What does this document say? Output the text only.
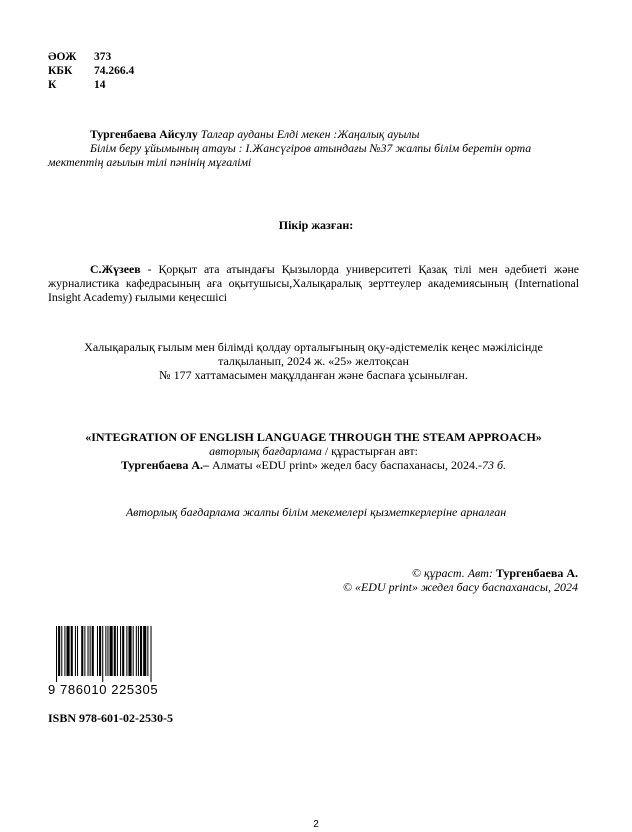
ӘОЖ 373
КБК 74.266.4
К	14
Тургенбаева Айсулу Талгар ауданы Елді мекен :Жаңалық ауылы
Білім беру ұйымының атауы : І.Жансүгіров атындағы №37 жалпы білім беретін орта
мектептің ағылын тілі пәнінің мұғалімі
Пікір жазған:
С.Жүзеев - Қорқыт ата атындағы Қызылорда университеті Қазақ тілі мен әдебиеті және журналистика кафедрасының аға оқытушысы,Халықаралық зерттеулер академиясының (International Insight Academy) ғылыми кеңесшісі
Халықаралық ғылым мен білімді қолдау орталығының оқу-әдістемелік кеңес мәжілісінде
талқыланып, 2024 ж. «25» желтоқсан
№ 177 хаттамасымен мақұлданған және баспаға ұсынылған.
«INTEGRATION OF ENGLISH LANGUAGE THROUGH THE STEAM APPROACH»
авторлық бағдарлама / құрастырған авт:
Тургенбаева А.– Алматы «EDU print» жедел басу баспаханасы, 2024.-73 б.
Авторлық бағдарлама жалпы білім мекемелері қызметкерлеріне арналған
© құраст. Авт: Тургенбаева А.
© «EDU print» жедел басу баспаханасы, 2024
9 786010 225305
ISBN 978-601-02-2530-5
2
